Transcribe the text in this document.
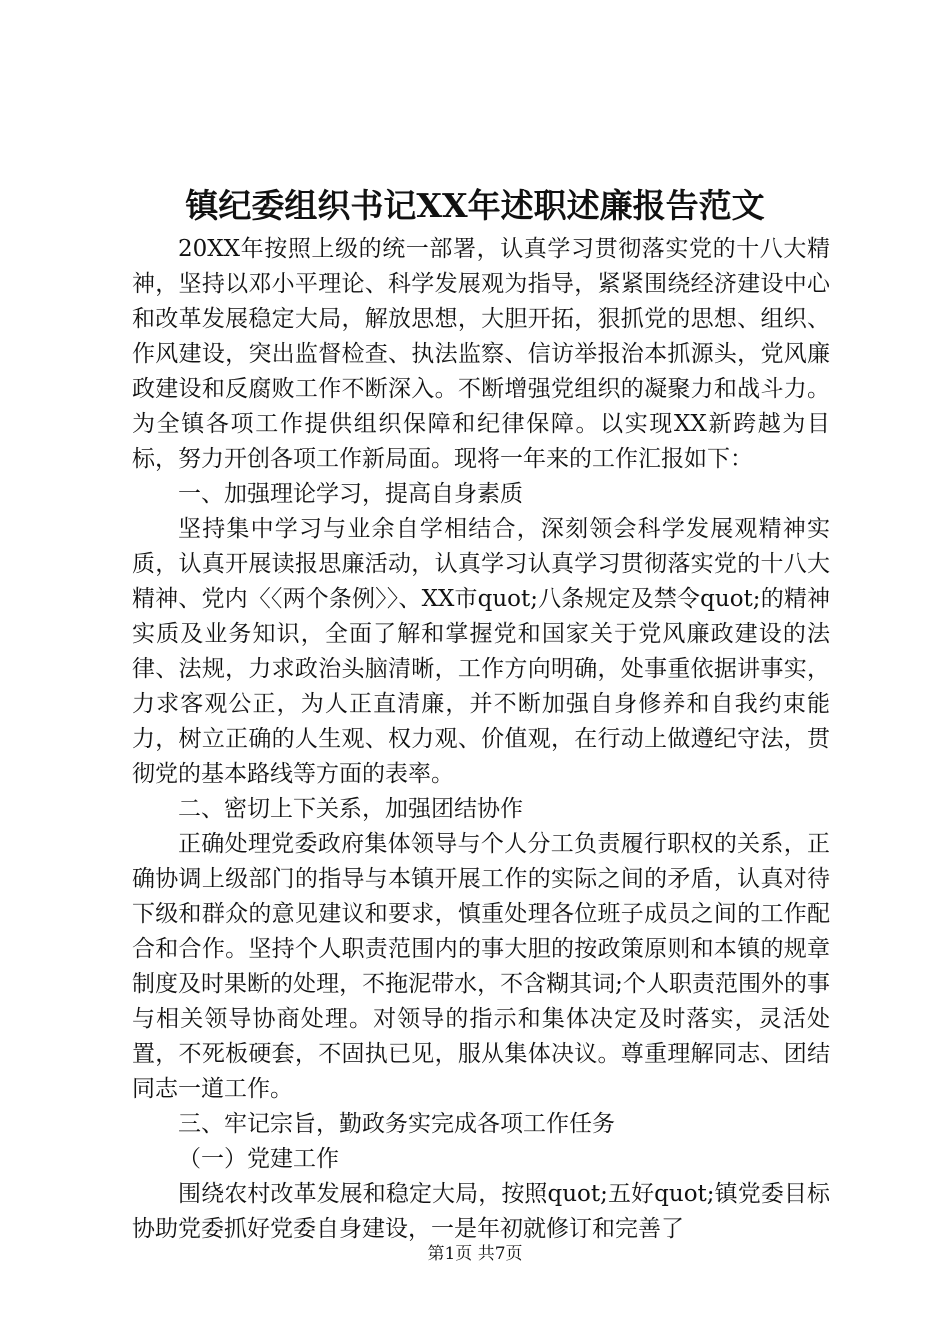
镇纪委组织书记XX年述职述廉报告范文

20XX年按照上级的统一部署，认真学习贯彻落实党的十八大精神，坚持以邓小平理论、科学发展观为指导，紧紧围绕经济建设中心和改革发展稳定大局，解放思想，大胆开拓，狠抓党的思想、组织、作风建设，突出监督检查、执法监察、信访举报治本抓源头，党风廉政建设和反腐败工作不断深入。不断增强党组织的凝聚力和战斗力。为全镇各项工作提供组织保障和纪律保障。以实现XX新跨越为目标，努力开创各项工作新局面。现将一年来的工作汇报如下：

一、加强理论学习，提高自身素质

坚持集中学习与业余自学相结合，深刻领会科学发展观精神实质，认真开展读报思廉活动，认真学习认真学习贯彻落实党的十八大精神、党内〈〈两个条例〉〉、XX市quot;八条规定及禁令quot;的精神实质及业务知识，全面了解和掌握党和国家关于党风廉政建设的法律、法规，力求政治头脑清晰，工作方向明确，处事重依据讲事实，力求客观公正，为人正直清廉，并不断加强自身修养和自我约束能力，树立正确的人生观、权力观、价值观，在行动上做遵纪守法，贯彻党的基本路线等方面的表率。

二、密切上下关系，加强团结协作

正确处理党委政府集体领导与个人分工负责履行职权的关系，正确协调上级部门的指导与本镇开展工作的实际之间的矛盾，认真对待下级和群众的意见建议和要求，慎重处理各位班子成员之间的工作配合和合作。坚持个人职责范围内的事大胆的按政策原则和本镇的规章制度及时果断的处理，不拖泥带水，不含糊其词;个人职责范围外的事与相关领导协商处理。对领导的指示和集体决定及时落实，灵活处置，不死板硬套，不固执已见，服从集体决议。尊重理解同志、团结同志一道工作。

三、牢记宗旨，勤政务实完成各项工作任务

（一）党建工作

围绕农村改革发展和稳定大局，按照quot;五好quot;镇党委目标协助党委抓好党委自身建设，一是年初就修订和完善了

第1页 共7页
